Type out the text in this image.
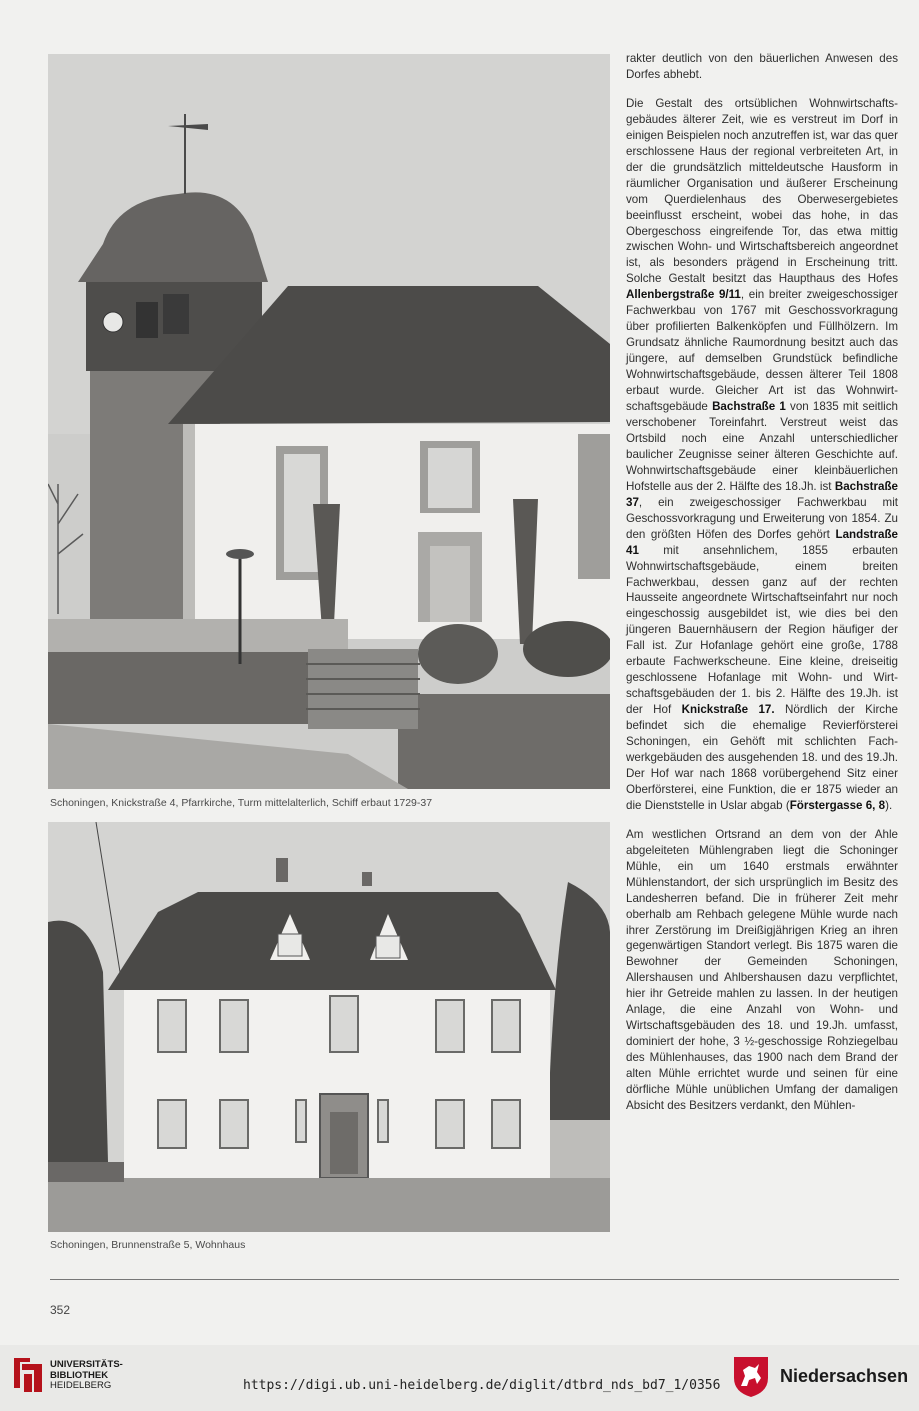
Schoningen, Knickstraße 4, Pfarrkirche, Turm mittelalterlich, Schiff erbaut 1729-37
Schoningen, Brunnenstraße 5, Wohnhaus

rakter deutlich von den bäuerlichen Anwesen des Dorfes abhebt.

Die Gestalt des ortsüblichen Wohnwirtschaftsgebäudes älterer Zeit, wie es verstreut im Dorf in einigen Beispielen noch anzutreffen ist, war das quer erschlossene Haus der regional verbreiteten Art, in der die grundsätzlich mitteldeutsche Hausform in räumlicher Organisation und äußerer Erscheinung vom Querdielenhaus des Oberwesergebietes beeinflusst erscheint, wobei das hohe, in das Obergeschoss eingreifende Tor, das etwa mittig zwischen Wohn- und Wirtschaftsbereich angeordnet ist, als besonders prägend in Erscheinung tritt. Solche Gestalt besitzt das Haupthaus des Hofes Allenbergstraße 9/11, ein breiter zweigeschossiger Fachwerkbau von 1767 mit Geschossvorkragung über profilierten Balkenköpfen und Füllhölzern. Im Grundsatz ähnliche Raumordnung besitzt auch das jüngere, auf demselben Grundstück befindliche Wohnwirtschaftsgebäude, dessen älterer Teil 1808 erbaut wurde. Gleicher Art ist das Wohnwirtschaftsgebäude Bachstraße 1 von 1835 mit seitlich verschobener Toreinfahrt. Verstreut weist das Ortsbild noch eine Anzahl unterschiedlicher baulicher Zeugnisse seiner älteren Geschichte auf. Wohnwirtschaftsgebäude einer kleinbäuerlichen Hofstelle aus der 2. Hälfte des 18.Jh. ist Bachstraße 37, ein zweigeschossiger Fachwerkbau mit Geschossvorkragung und Erweiterung von 1854. Zu den größten Höfen des Dorfes gehört Landstraße 41 mit ansehnlichem, 1855 erbauten Wohnwirtschaftsgebäude, einem breiten Fachwerkbau, dessen ganz auf der rechten Hausseite angeordnete Wirtschaftseinfahrt nur noch eingeschossig ausgebildet ist, wie dies bei den jüngeren Bauernhäusern der Region häufiger der Fall ist. Zur Hofanlage gehört eine große, 1788 erbaute Fachwerkscheune. Eine kleine, dreiseitig geschlossene Hofanlage mit Wohn- und Wirtschaftsgebäuden der 1. bis 2. Hälfte des 19.Jh. ist der Hof Knickstraße 17. Nördlich der Kirche befindet sich die ehemalige Revierförsterei Schoningen, ein Gehöft mit schlichten Fachwerkgebäuden des ausgehenden 18. und des 19.Jh. Der Hof war nach 1868 vorübergehend Sitz einer Oberförsterei, eine Funktion, die er 1875 wieder an die Dienststelle in Uslar abgab (Förstergasse 6, 8).

Am westlichen Ortsrand an dem von der Ahle abgeleiteten Mühlengraben liegt die Schoninger Mühle, ein um 1640 erstmals erwähnter Mühlenstandort, der sich ursprünglich im Besitz des Landesherren befand. Die in früherer Zeit mehr oberhalb am Rehbach gelegene Mühle wurde nach ihrer Zerstörung im Dreißigjährigen Krieg an ihren gegenwärtigen Standort verlegt. Bis 1875 waren die Bewohner der Gemeinden Schoningen, Allershausen und Ahlbershausen dazu verpflichtet, hier ihr Getreide mahlen zu lassen. In der heutigen Anlage, die eine Anzahl von Wohn- und Wirtschaftsgebäuden des 18. und 19.Jh. umfasst, dominiert der hohe, 3 ½-geschossige Rohziegelbau des Mühlenhauses, das 1900 nach dem Brand der alten Mühle errichtet wurde und seinen für eine dörfliche Mühle unüblichen Umfang der damaligen Absicht des Besitzers verdankt, den Mühlen-

352
UNIVERSITÄTS-
BIBLIOTHEK
HEIDELBERG	https://digi.ub.uni-heidelberg.de/diglit/dtbrd_nds_bd7_1/0356	Niedersachsen
